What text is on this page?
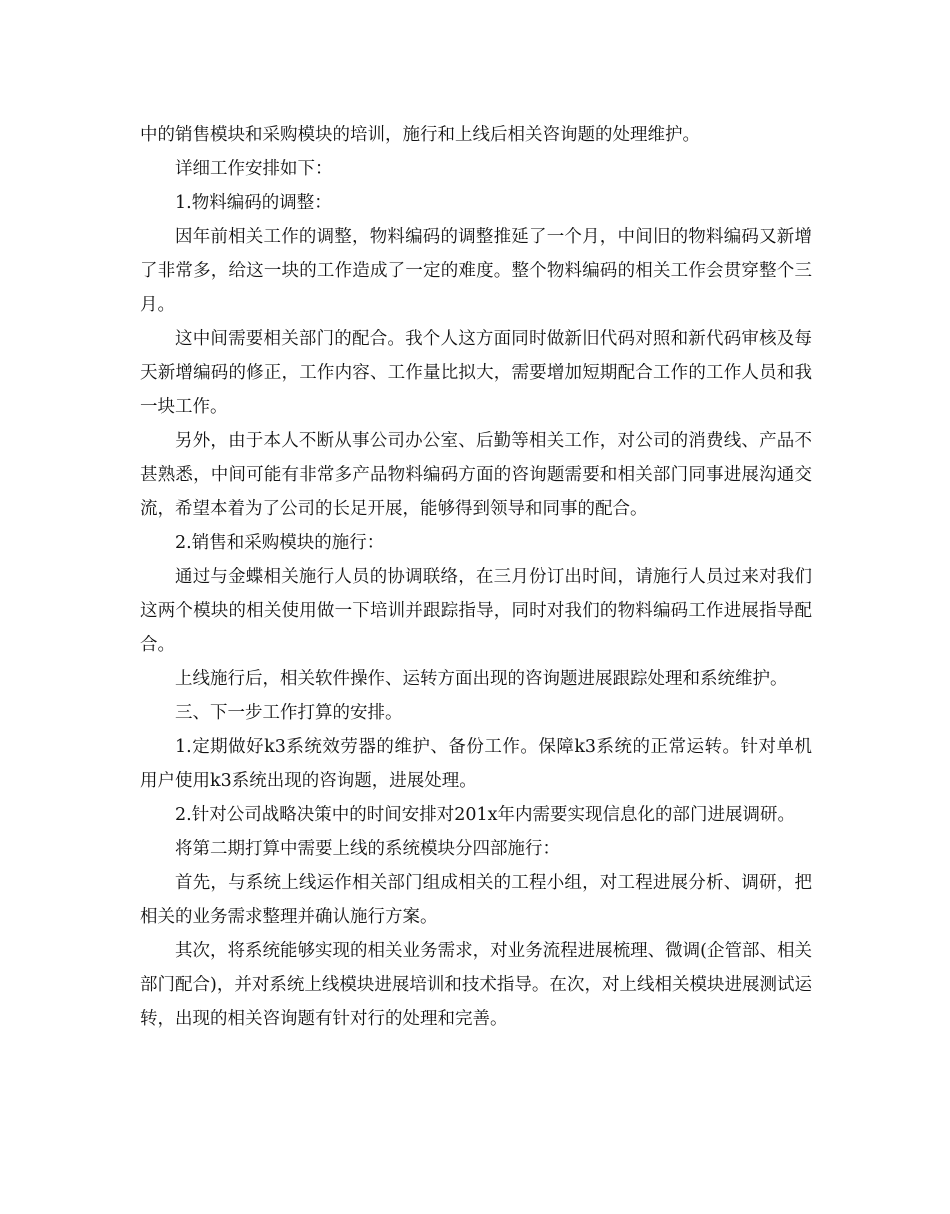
中的销售模块和采购模块的培训，施行和上线后相关咨询题的处理维护。

详细工作安排如下：

1.物料编码的调整：

因年前相关工作的调整，物料编码的调整推延了一个月，中间旧的物料编码又新增了非常多，给这一块的工作造成了一定的难度。整个物料编码的相关工作会贯穿整个三月。

这中间需要相关部门的配合。我个人这方面同时做新旧代码对照和新代码审核及每天新增编码的修正，工作内容、工作量比拟大，需要增加短期配合工作的工作人员和我一块工作。

另外，由于本人不断从事公司办公室、后勤等相关工作，对公司的消费线、产品不甚熟悉，中间可能有非常多产品物料编码方面的咨询题需要和相关部门同事进展沟通交流，希望本着为了公司的长足开展，能够得到领导和同事的配合。

2.销售和采购模块的施行：

通过与金蝶相关施行人员的协调联络，在三月份订出时间，请施行人员过来对我们这两个模块的相关使用做一下培训并跟踪指导，同时对我们的物料编码工作进展指导配合。

上线施行后，相关软件操作、运转方面出现的咨询题进展跟踪处理和系统维护。

三、下一步工作打算的安排。

1.定期做好k3系统效劳器的维护、备份工作。保障k3系统的正常运转。针对单机用户使用k3系统出现的咨询题，进展处理。

2.针对公司战略决策中的时间安排对201x年内需要实现信息化的部门进展调研。

将第二期打算中需要上线的系统模块分四部施行：

首先，与系统上线运作相关部门组成相关的工程小组，对工程进展分析、调研，把相关的业务需求整理并确认施行方案。

其次，将系统能够实现的相关业务需求，对业务流程进展梳理、微调(企管部、相关部门配合)，并对系统上线模块进展培训和技术指导。在次，对上线相关模块进展测试运转，出现的相关咨询题有针对行的处理和完善。
